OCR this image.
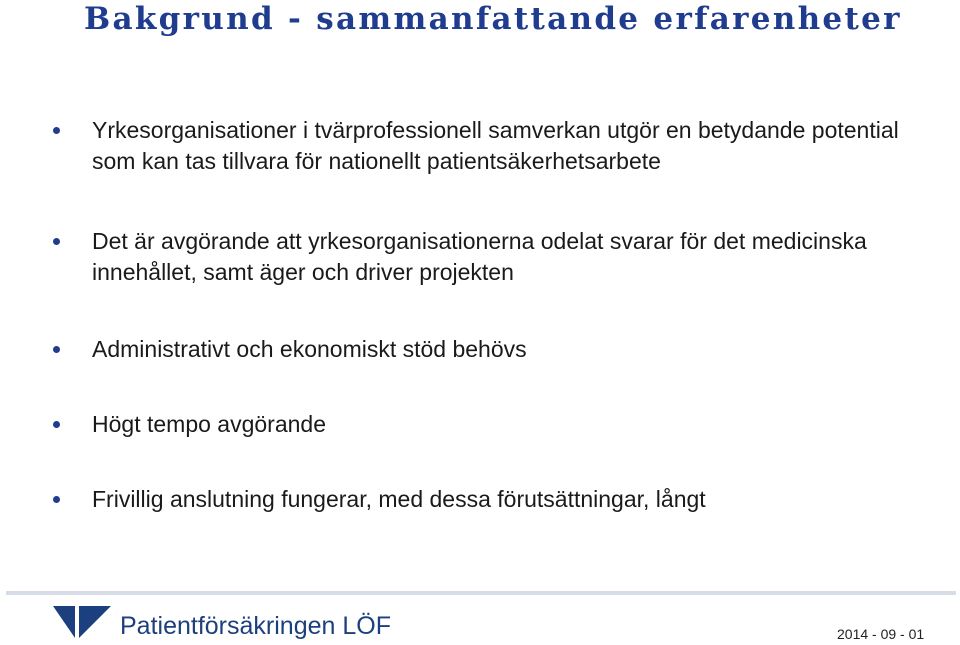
Bakgrund - sammanfattande erfarenheter
Yrkesorganisationer i tvärprofessionell samverkan utgör en betydande potential som kan tas tillvara för nationellt patientsäkerhetsarbete
Det är avgörande att yrkesorganisationerna odelat svarar för det medicinska innehållet, samt äger och driver projekten
Administrativt och ekonomiskt stöd behövs
Högt tempo avgörande
Frivillig anslutning fungerar, med dessa förutsättningar, långt
Patientförsäkringen LÖF	2014 - 09 - 01
